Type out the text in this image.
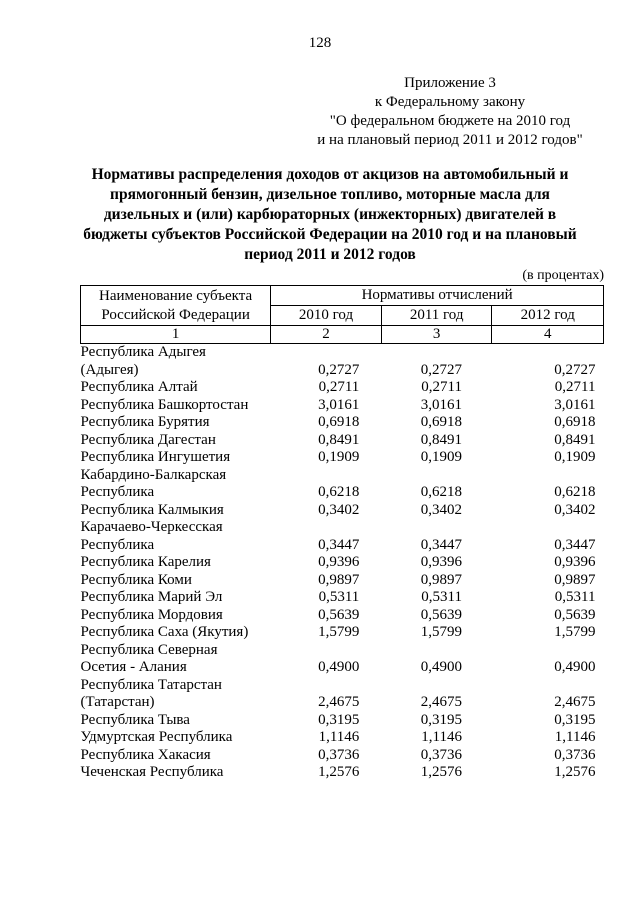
128
Приложение 3
к Федеральному закону
"О федеральном бюджете на 2010 год
и на плановый период 2011 и 2012 годов"
Нормативы распределения доходов от акцизов на автомобильный и
прямогонный бензин, дизельное топливо, моторные масла для
дизельных и (или) карбюраторных (инжекторных) двигателей в
бюджеты субъектов Российской Федерации на 2010 год и на плановый
период 2011 и 2012 годов
(в процентах)
Наименование субъекта
Российской Федерации	Нормативы отчислений		
	2010 год	2011 год	2012 год
1	2	3	4

Республика Адыгея
(Адыгея)	0,2727	0,2727	0,2727

Республика Алтай	0,2711	0,2711	0,2711

Республика Башкортостан	3,0161	3,0161	3,0161

Республика Бурятия	0,6918	0,6918	0,6918

Республика Дагестан	0,8491	0,8491	0,8491

Республика Ингушетия	0,1909	0,1909	0,1909

Кабардино-Балкарская
Республика	0,6218	0,6218	0,6218

Республика Калмыкия	0,3402	0,3402	0,3402

Карачаево-Черкесская
Республика	0,3447	0,3447	0,3447

Республика Карелия	0,9396	0,9396	0,9396

Республика Коми	0,9897	0,9897	0,9897

Республика Марий Эл	0,5311	0,5311	0,5311

Республика Мордовия	0,5639	0,5639	0,5639

Республика Саха (Якутия)	1,5799	1,5799	1,5799

Республика Северная
Осетия - Алания	0,4900	0,4900	0,4900

Республика Татарстан
(Татарстан)	2,4675	2,4675	2,4675

Республика Тыва	0,3195	0,3195	0,3195

Удмуртская Республика	1,1146	1,1146	1,1146

Республика Хакасия	0,3736	0,3736	0,3736

Чеченская Республика	1,2576	1,2576	1,2576
